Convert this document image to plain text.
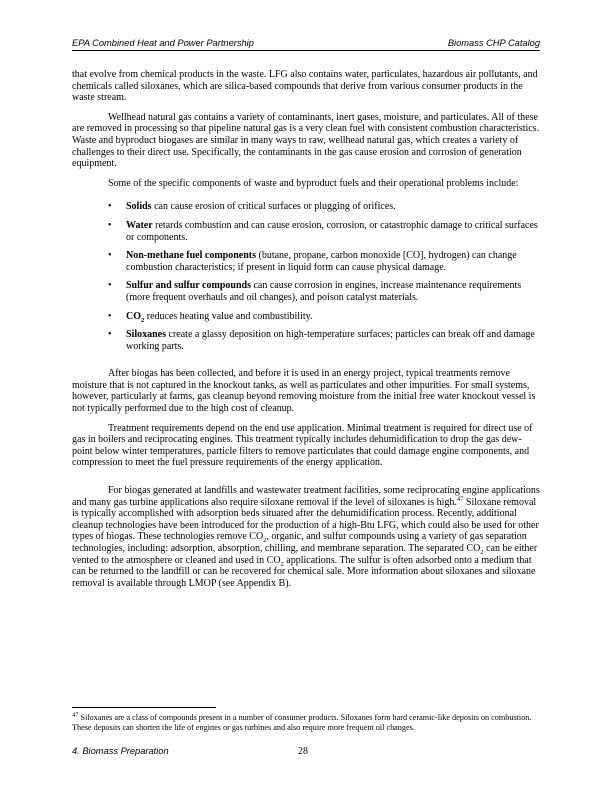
EPA Combined Heat and Power Partnership	Biomass CHP Catalog

that evolve from chemical products in the waste. LFG also contains water, particulates, hazardous air pollutants, and chemicals called siloxanes, which are silica-based compounds that derive from various consumer products in the waste stream.

Wellhead natural gas contains a variety of contaminants, inert gases, moisture, and particulates. All of these are removed in processing so that pipeline natural gas is a very clean fuel with consistent combustion characteristics. Waste and byproduct biogases are similar in many ways to raw, wellhead natural gas, which creates a variety of challenges to their direct use. Specifically, the contaminants in the gas cause erosion and corrosion of generation equipment.

Some of the specific components of waste and byproduct fuels and their operational problems include:

• Solids can cause erosion of critical surfaces or plugging of orifices.
• Water retards combustion and can cause erosion, corrosion, or catastrophic damage to critical surfaces or components.
• Non-methane fuel components (butane, propane, carbon monoxide [CO], hydrogen) can change combustion characteristics; if present in liquid form can cause physical damage.
• Sulfur and sulfur compounds can cause corrosion in engines, increase maintenance requirements (more frequent overhauls and oil changes), and poison catalyst materials.
• $CO_2$ reduces heating value and combustibility.
• Siloxanes create a glassy deposition on high-temperature surfaces; particles can break off and damage working parts.

After biogas has been collected, and before it is used in an energy project, typical treatments remove moisture that is not captured in the knockout tanks, as well as particulates and other impurities. For small systems, however, particularly at farms, gas cleanup beyond removing moisture from the initial free water knockout vessel is not typically performed due to the high cost of cleanup.

Treatment requirements depend on the end use application. Minimal treatment is required for direct use of gas in boilers and reciprocating engines. This treatment typically includes dehumidification to drop the gas dew-point below winter temperatures, particle filters to remove particulates that could damage engine components, and compression to meet the fuel pressure requirements of the energy application.

For biogas generated at landfills and wastewater treatment facilities, some reciprocating engine applications and many gas turbine applications also require siloxane removal if the level of siloxanes is high.$^{47}$ Siloxane removal is typically accomplished with adsorption beds situated after the dehumidification process. Recently, additional cleanup technologies have been introduced for the production of a high-Btu LFG, which could also be used for other types of biogas. These technologies remove $CO_2$, organic, and sulfur compounds using a variety of gas separation technologies, including: adsorption, absorption, chilling, and membrane separation. The separated $CO_2$ can be either vented to the atmosphere or cleaned and used in $CO_2$ applications. The sulfur is often adsorbed onto a medium that can be returned to the landfill or can be recovered for chemical sale. More information about siloxanes and siloxane removal is available through LMOP (see Appendix B).

$^{47}$ Siloxanes are a class of compounds present in a number of consumer products. Siloxanes form hard ceramic-like deposits on combustion. These deposits can shorten the life of engines or gas turbines and also require more frequent oil changes.
4. Biomass Preparation	28
